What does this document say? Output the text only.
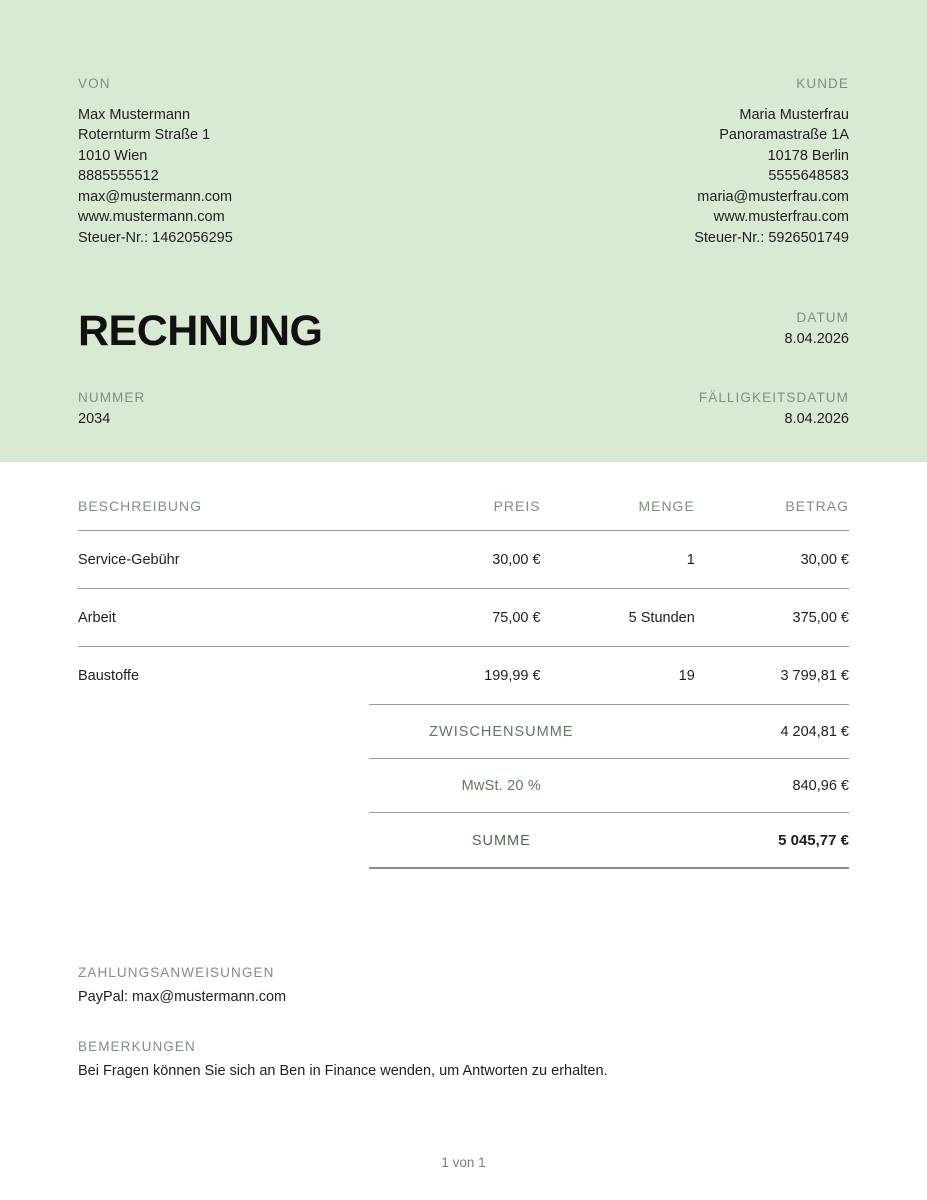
VON
Max Mustermann
Roternturm Straße 1
1010 Wien
8885555512
max@mustermann.com
www.mustermann.com
Steuer-Nr.: 1462056295
KUNDE
Maria Musterfrau
Panoramastraße 1A
10178 Berlin
5555648583
maria@musterfrau.com
www.musterfrau.com
Steuer-Nr.: 5926501749
RECHNUNG	DATUM
8.04.2026
NUMMER
2034
FÄLLIGKEITSDATUM
8.04.2026
BESCHREIBUNG	PREIS	MENGE	BETRAG
Service-Gebühr	30,00 €	1	30,00 €
Arbeit	75,00 €	5 Stunden	375,00 €
Baustoffe	199,99 €	19	3 799,81 €
ZWISCHENSUMME	4 204,81 €
MwSt. 20 %	840,96 €
SUMME	5 045,77 €
ZAHLUNGSANWEISUNGEN
PayPal: max@mustermann.com
BEMERKUNGEN
Bei Fragen können Sie sich an Ben in Finance wenden, um Antworten zu erhalten.
1 von 1
